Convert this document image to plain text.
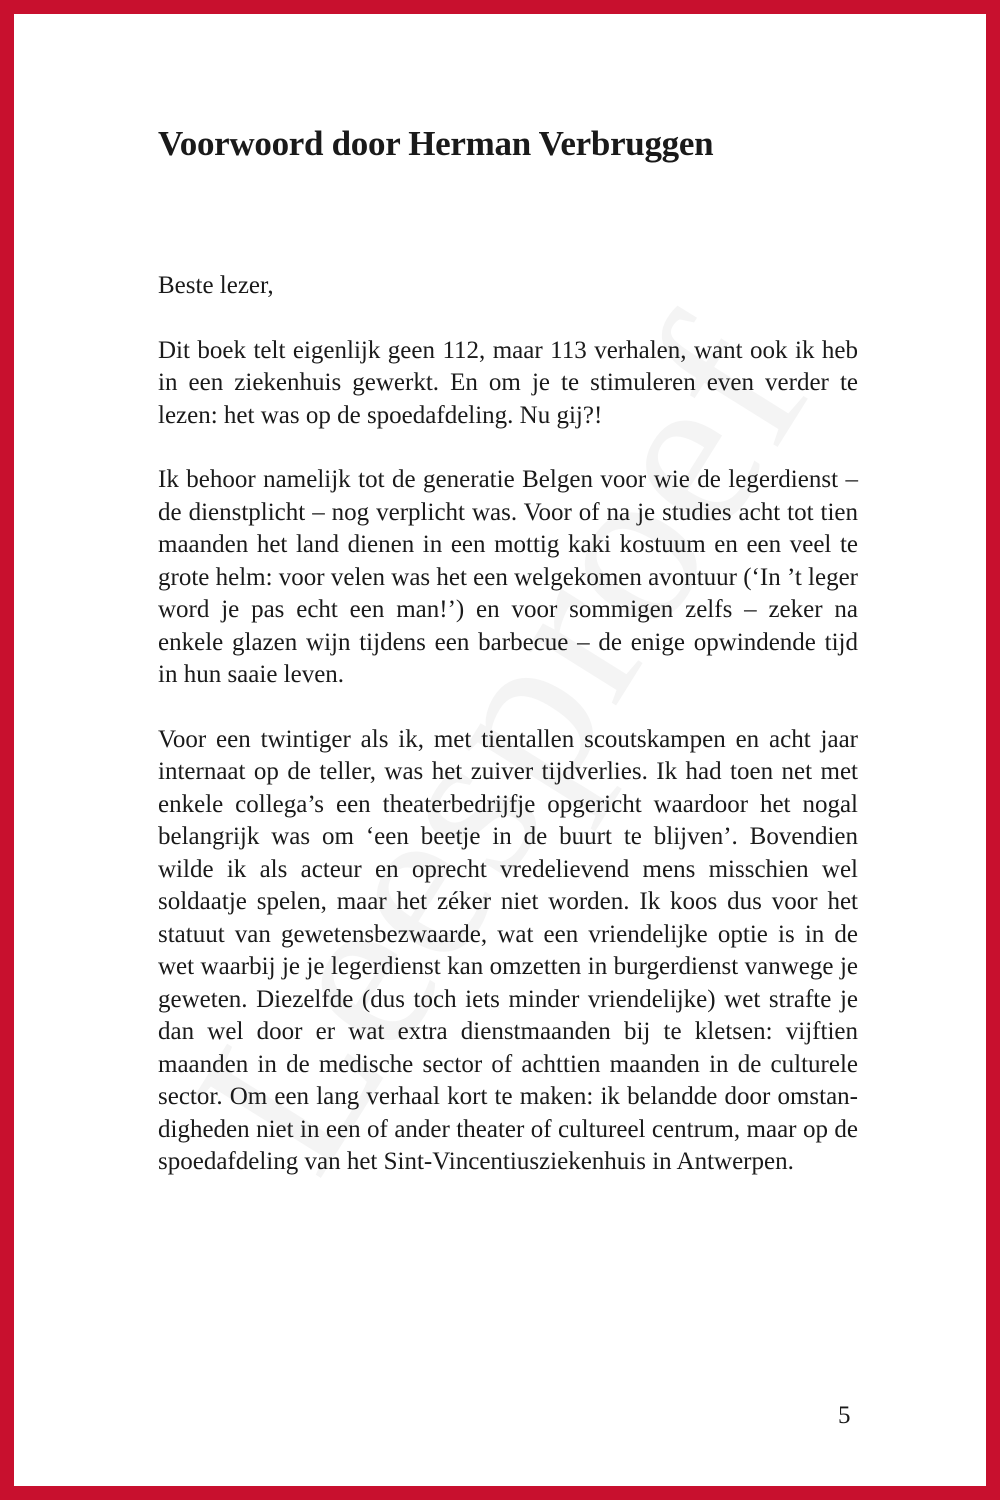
Voorwoord door Herman Verbruggen

Beste lezer,

Dit boek telt eigenlijk geen 112, maar 113 verhalen, want ook ik heb in een ziekenhuis gewerkt. En om je te stimuleren even verder te lezen: het was op de spoedafdeling. Nu gij?!

Ik behoor namelijk tot de generatie Belgen voor wie de legerdienst – de dienstplicht – nog verplicht was. Voor of na je studies acht tot tien maanden het land dienen in een mottig kaki kostuum en een veel te grote helm: voor velen was het een welgekomen avontuur (‘In ’t leger word je pas echt een man!’) en voor sommigen zelfs – zeker na enkele glazen wijn tijdens een barbecue – de enige opwindende tijd in hun saaie leven.

Voor een twintiger als ik, met tientallen scoutskampen en acht jaar internaat op de teller, was het zuiver tijdverlies. Ik had toen net met enkele collega’s een theaterbedrijfje opgericht waardoor het nogal belangrijk was om ‘een beetje in de buurt te blijven’. Bovendien wilde ik als acteur en oprecht vredelievend mens misschien wel soldaatje spelen, maar het zéker niet worden. Ik koos dus voor het statuut van gewetensbezwaarde, wat een vriendelijke optie is in de wet waarbij je je legerdienst kan omzetten in burgerdienst vanwege je geweten. Diezelfde (dus toch iets minder vriendelijke) wet strafte je dan wel door er wat extra dienstmaanden bij te kletsen: vijftien maanden in de medische sector of achttien maanden in de culturele sector. Om een lang verhaal kort te maken: ik belandde door omstandigheden niet in een of ander theater of cultureel centrum, maar op de spoedafdeling van het Sint-Vincentiusziekenhuis in Antwerpen.

5
